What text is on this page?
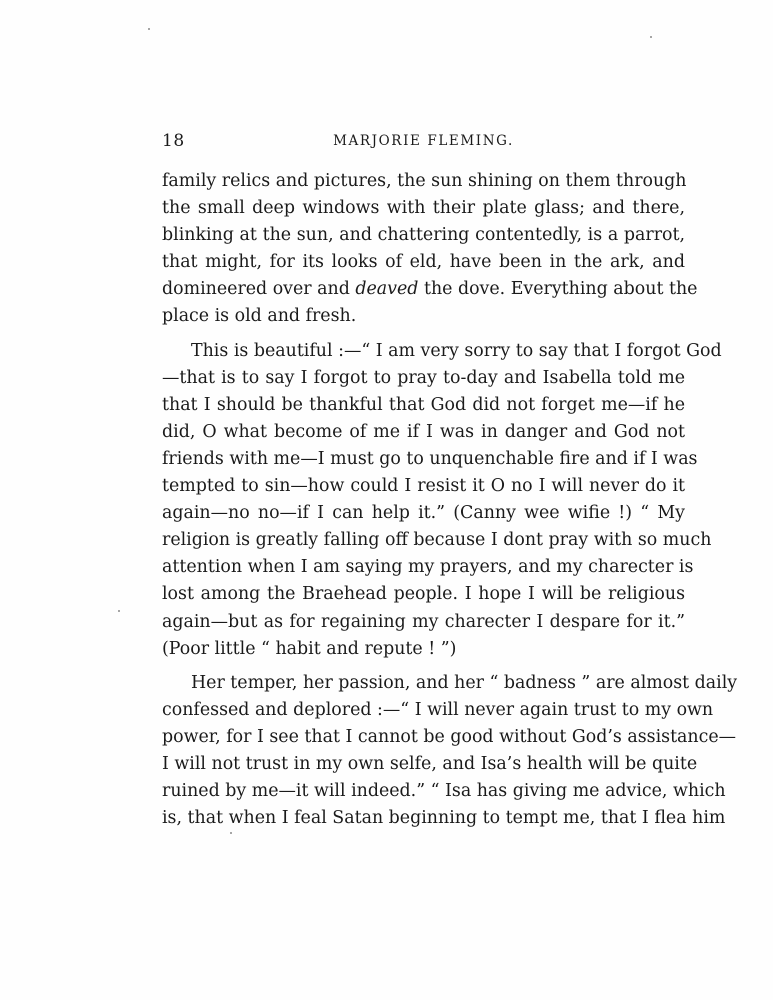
18	MARJORIE FLEMING.
family relics and pictures, the sun shining on them through
the small deep windows with their plate glass; and there,
blinking at the sun, and chattering contentedly, is a parrot,
that might, for its looks of eld, have been in the ark, and
domineered over and deaved the dove. Everything about the
place is old and fresh.
This is beautiful :—“ I am very sorry to say that I forgot God
—that is to say I forgot to pray to-day and Isabella told me
that I should be thankful that God did not forget me—if he
did, O what become of me if I was in danger and God not
friends with me—I must go to unquenchable fire and if I was
tempted to sin—how could I resist it O no I will never do it
again—no no—if I can help it.” (Canny wee wifie !) “ My
religion is greatly falling off because I dont pray with so much
attention when I am saying my prayers, and my charecter is
lost among the Braehead people. I hope I will be religious
again—but as for regaining my charecter I despare for it.”
(Poor little “ habit and repute ! ”)
Her temper, her passion, and her “ badness ” are almost daily
confessed and deplored :—“ I will never again trust to my own
power, for I see that I cannot be good without God’s assistance—
I will not trust in my own selfe, and Isa’s health will be quite
ruined by me—it will indeed.” “ Isa has giving me advice, which
is, that when I feal Satan beginning to tempt me, that I flea him
